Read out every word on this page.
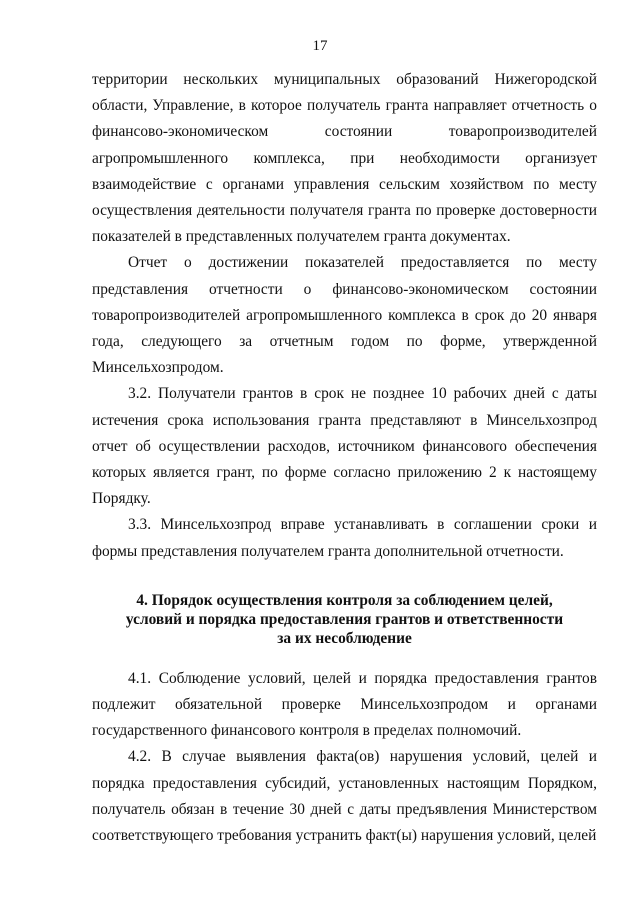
17

территории нескольких муниципальных образований Нижегородской области, Управление, в которое получатель гранта направляет отчетность о финансово-экономическом состоянии товаропроизводителей агропромышленного комплекса, при необходимости организует взаимодействие с органами управления сельским хозяйством по месту осуществления деятельности получателя гранта по проверке достоверности показателей в представленных получателем гранта документах.

Отчет о достижении показателей предоставляется по месту представления отчетности о финансово-экономическом состоянии товаропроизводителей агропромышленного комплекса в срок до 20 января года, следующего за отчетным годом по форме, утвержденной Минсельхозпродом.

3.2. Получатели грантов в срок не позднее 10 рабочих дней с даты истечения срока использования гранта представляют в Минсельхозпрод отчет об осуществлении расходов, источником финансового обеспечения которых является грант, по форме согласно приложению 2 к настоящему Порядку.

3.3. Минсельхозпрод вправе устанавливать в соглашении сроки и формы представления получателем гранта дополнительной отчетности.

4. Порядок осуществления контроля за соблюдением целей,
условий и порядка предоставления грантов и ответственности
за их несоблюдение

4.1. Соблюдение условий, целей и порядка предоставления грантов подлежит обязательной проверке Минсельхозпродом и органами государственного финансового контроля в пределах полномочий.

4.2. В случае выявления факта(ов) нарушения условий, целей и порядка предоставления субсидий, установленных настоящим Порядком, получатель обязан в течение 30 дней с даты предъявления Министерством соответствующего требования устранить факт(ы) нарушения условий, целей
